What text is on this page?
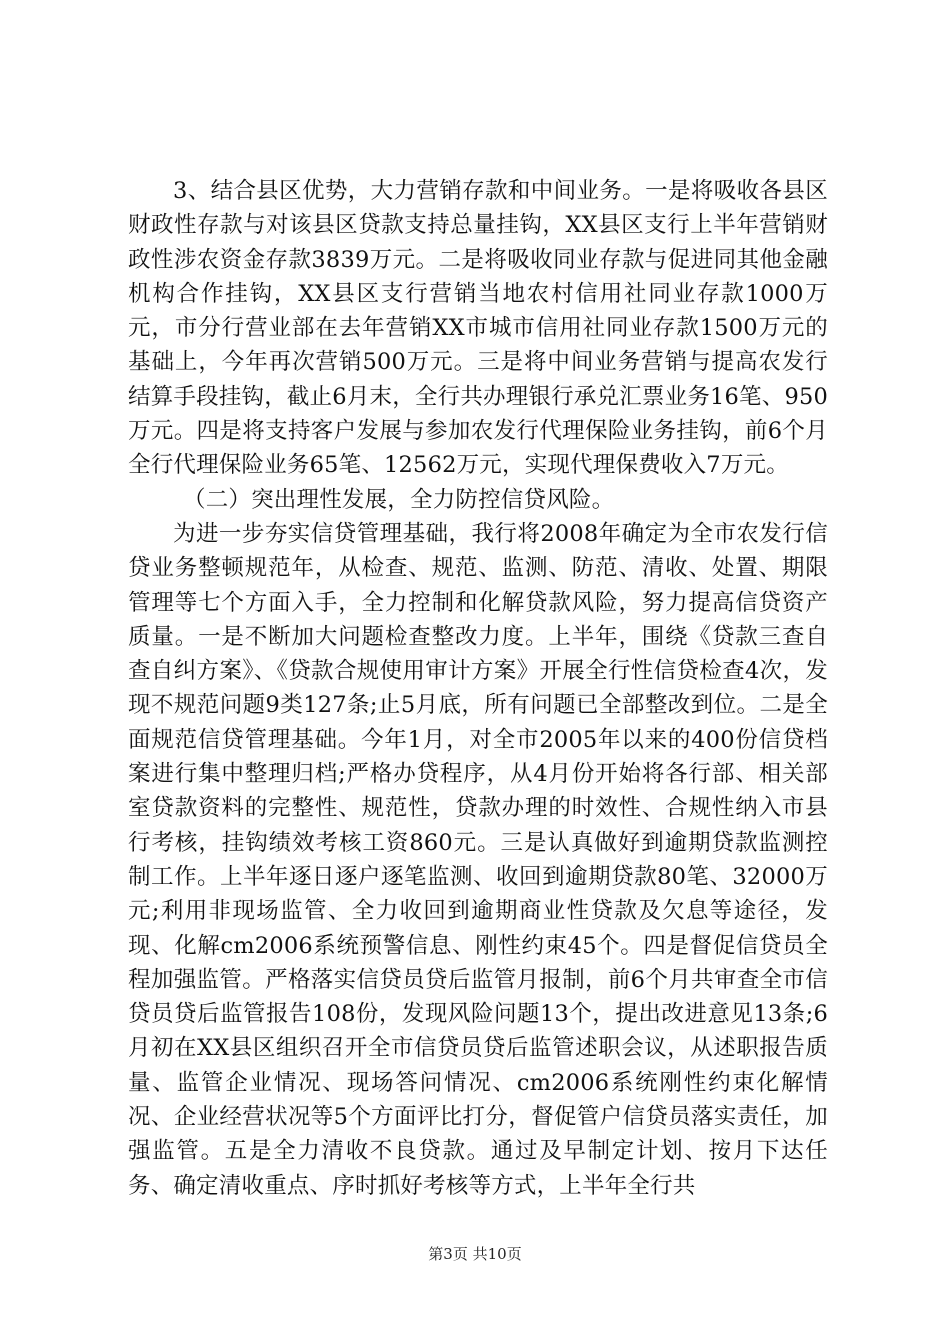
3、结合县区优势，大力营销存款和中间业务。一是将吸收各县区财政性存款与对该县区贷款支持总量挂钩，XX县区支行上半年营销财政性涉农资金存款3839万元。二是将吸收同业存款与促进同其他金融机构合作挂钩，XX县区支行营销当地农村信用社同业存款1000万元，市分行营业部在去年营销XX市城市信用社同业存款1500万元的基础上，今年再次营销500万元。三是将中间业务营销与提高农发行结算手段挂钩，截止6月末，全行共办理银行承兑汇票业务16笔、950万元。四是将支持客户发展与参加农发行代理保险业务挂钩，前6个月全行代理保险业务65笔、12562万元，实现代理保费收入7万元。

（二）突出理性发展，全力防控信贷风险。

为进一步夯实信贷管理基础，我行将2008年确定为全市农发行信贷业务整顿规范年，从检查、规范、监测、防范、清收、处置、期限管理等七个方面入手，全力控制和化解贷款风险，努力提高信贷资产质量。一是不断加大问题检查整改力度。上半年，围绕《贷款三查自查自纠方案》、《贷款合规使用审计方案》开展全行性信贷检查4次，发现不规范问题9类127条;止5月底，所有问题已全部整改到位。二是全面规范信贷管理基础。今年1月，对全市2005年以来的400份信贷档案进行集中整理归档;严格办贷程序，从4月份开始将各行部、相关部室贷款资料的完整性、规范性，贷款办理的时效性、合规性纳入市县行考核，挂钩绩效考核工资860元。三是认真做好到逾期贷款监测控制工作。上半年逐日逐户逐笔监测、收回到逾期贷款80笔、32000万元;利用非现场监管、全力收回到逾期商业性贷款及欠息等途径，发现、化解cm2006系统预警信息、刚性约束45个。四是督促信贷员全程加强监管。严格落实信贷员贷后监管月报制，前6个月共审查全市信贷员贷后监管报告108份，发现风险问题13个，提出改进意见13条;6月初在XX县区组织召开全市信贷员贷后监管述职会议，从述职报告质量、监管企业情况、现场答问情况、cm2006系统刚性约束化解情况、企业经营状况等5个方面评比打分，督促管户信贷员落实责任，加强监管。五是全力清收不良贷款。通过及早制定计划、按月下达任务、确定清收重点、序时抓好考核等方式，上半年全行共

第3页 共10页
